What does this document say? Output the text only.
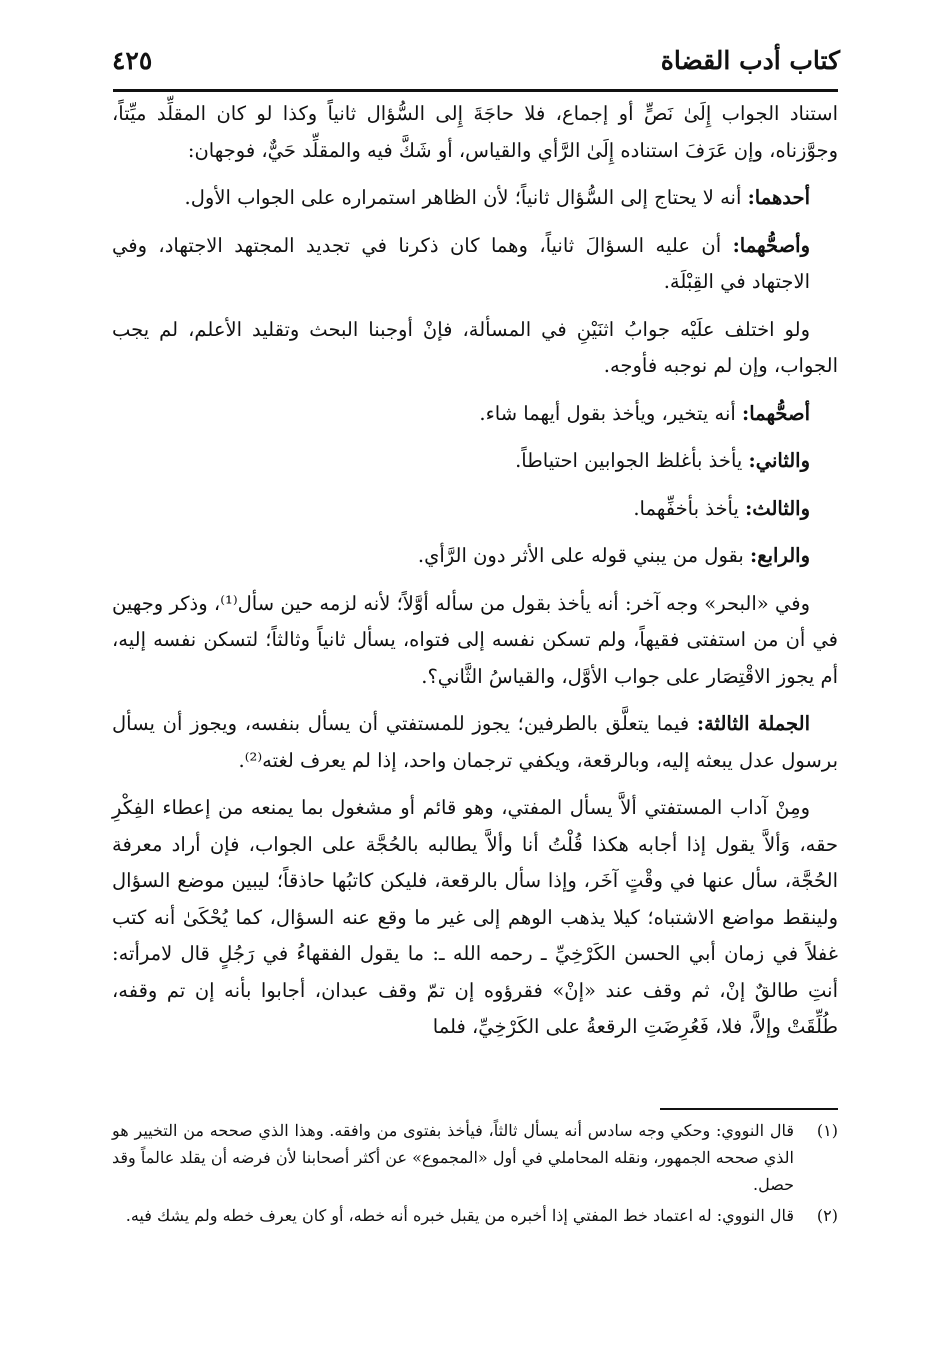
كتاب أدب القضاة
٤٢٥

استناد الجواب إِلَىٰ نَصٍّ أو إجماع، فلا حاجَةَ إِلى السُّؤال ثانياً وكذا لو كان المقلِّد ميِّتاً، وجوَّزناه، وإن عَرَفَ استناده إِلَىٰ الرَّأي والقياس، أو شَكَّ فيه والمقلِّد حَيٌّ، فوجهان:

أحدهما: أنه لا يحتاج إلى السُّؤال ثانياً؛ لأن الظاهر استمراره على الجواب الأول.

وأصحُّهما: أن عليه السؤالَ ثانياً، وهما كان ذكرنا في تجديد المجتهد الاجتهاد، وفي الاجتهاد في القِبْلَة.

ولو اختلف علَيْه جوابُ اثنَيْنِ في المسألة، فإنْ أوجبنا البحث وتقليد الأعلم، لم يجب الجواب، وإن لم نوجبه فأوجه.

أصحُّهما: أنه يتخير، ويأخذ بقول أيهما شاء.

والثاني: يأخذ بأغلظ الجوابين احتياطاً.

والثالث: يأخذ بأخفِّهما.

والرابع: بقول من يبني قوله على الأثر دون الرَّأي.

وفي «البحر» وجه آخر: أنه يأخذ بقول من سأله أوَّلاً؛ لأنه لزمه حين سأل⁽¹⁾، وذكر وجهين في أن من استفتى فقيهاً، ولم تسكن نفسه إلى فتواه، يسأل ثانياً وثالثاً؛ لتسكن نفسه إليه، أم يجوز الاقْتِصَار على جواب الأوَّل، والقياسُ الثَّاني؟.

الجملة الثالثة: فيما يتعلَّق بالطرفين؛ يجوز للمستفتي أن يسأل بنفسه، ويجوز أن يسأل برسول عدل يبعثه إليه، وبالرقعة، ويكفي ترجمان واحد، إذا لم يعرف لغته⁽²⁾.

ومِنْ آداب المستفتي ألاَّ يسأل المفتي، وهو قائم أو مشغول بما يمنعه من إعطاء الفِكْرِ حقه، وَألاَّ يقول إذا أجابه هكذا قُلْتُ أنا وألاَّ يطالبه بالحُجَّة على الجواب، فإن أراد معرفة الحُجَّة، سأل عنها في وقْتٍ آخَر، وإذا سأل بالرقعة، فليكن كاتبُها حاذقاً؛ ليبين موضع السؤال ولينقط مواضع الاشتباه؛ كيلا يذهب الوهم إلى غير ما وقع عنه السؤال، كما يُحْكَىٰ أنه كتب غفلاً في زمان أبي الحسن الكَرْخِيِّ ـ رحمه الله ـ: ما يقول الفقهاءُ في رَجُلٍ قال لامرأته: أنتِ طالقٌ إنْ، ثم وقف عند «إنْ» فقرؤوه إن تمّ وقف عبدان، أجابوا بأنه إن تم وقفه، طُلِّقَتْ وإلاَّ، فلا، فَعُرِضَتِ الرقعةُ على الكَرْخِيِّ، فلما

(١)
قال النووي: وحكي وجه سادس أنه يسأل ثالثاً، فيأخذ بفتوى من وافقه. وهذا الذي صححه من التخيير هو الذي صححه الجمهور، ونقله المحاملي في أول «المجموع» عن أكثر أصحابنا لأن فرضه أن يقلد عالماً وقد حصل.
(٢)
قال النووي: له اعتماد خط المفتي إذا أخبره من يقبل خبره أنه خطه، أو كان يعرف خطه ولم يشك فيه.
